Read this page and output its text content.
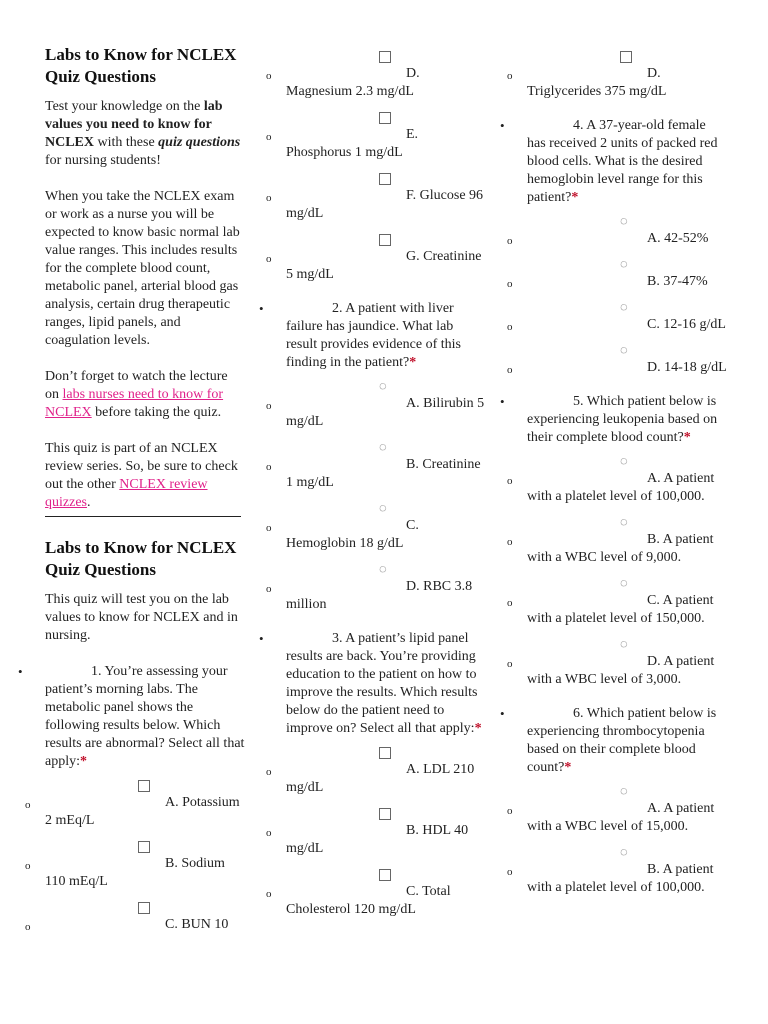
Labs to Know for NCLEX Quiz Questions

Test your knowledge on the lab values you need to know for NCLEX with these quiz questions for nursing students!

When you take the NCLEX exam or work as a nurse you will be expected to know basic normal lab value ranges. This includes results for the complete blood count, metabolic panel, arterial blood gas analysis, certain drug therapeutic ranges, lipid panels, and coagulation levels.

Don’t forget to watch the lecture on labs nurses need to know for NCLEX before taking the quiz.

This quiz is part of an NCLEX review series. So, be sure to check out the other NCLEX review quizzes.

Labs to Know for NCLEX Quiz Questions

This quiz will test you on the lab values to know for NCLEX and in nursing.

•	1. You’re assessing your patient’s morning labs. The metabolic panel shows the following results below. Which results are abnormal? Select all that apply:*
o	A. Potassium 2 mEq/L
o	B. Sodium 110 mEq/L
o	C. BUN 10
o	D. Magnesium 2.3 mg/dL
o	E. Phosphorus 1 mg/dL
o	F. Glucose 96 mg/dL
o	G. Creatinine 5 mg/dL
•	2. A patient with liver failure has jaundice. What lab result provides evidence of this finding in the patient?*
o
◌
A. Bilirubin 5 mg/dL
o
◌
B. Creatinine 1 mg/dL
o
◌
C. Hemoglobin 18 g/dL
o
◌
D. RBC 3.8 million
•	3. A patient’s lipid panel results are back. You’re providing education to the patient on how to improve the results. Which results below do the patient need to improve on? Select all that apply:*
o	A. LDL 210 mg/dL
o	B. HDL 40 mg/dL
o	C. Total Cholesterol 120 mg/dL
o	D. Triglycerides 375 mg/dL
•	4. A 37-year-old female has received 2 units of packed red blood cells. What is the desired hemoglobin level range for this patient?*
o
◌
A. 42-52%
o
◌
B. 37-47%
o
◌
C. 12-16 g/dL
o
◌
D. 14-18 g/dL
•	5. Which patient below is experiencing leukopenia based on their complete blood count?*
o
◌
A. A patient with a platelet level of 100,000.
o
◌
B. A patient with a WBC level of 9,000.
o
◌
C. A patient with a platelet level of 150,000.
o
◌
D. A patient with a WBC level of 3,000.
•	6. Which patient below is experiencing thrombocytopenia based on their complete blood count?*
o
◌
A. A patient with a WBC level of 15,000.
o
◌
B. A patient with a platelet level of 100,000.
